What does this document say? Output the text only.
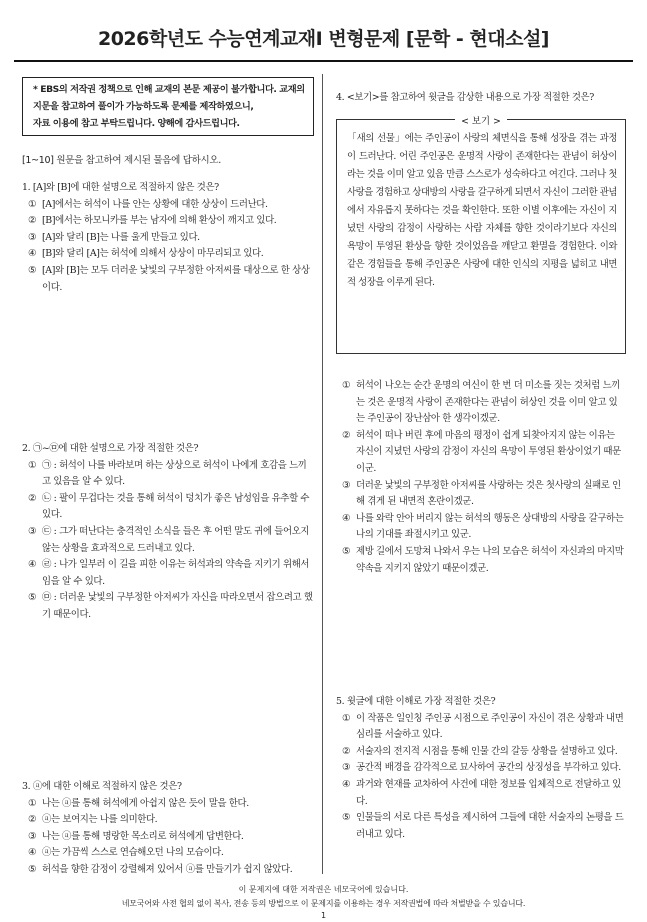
2026학년도 수능연계교재Ⅰ 변형문제 [문학 - 현대소설]
* EBS의 저작권 정책으로 인해 교재의 본문 제공이 불가합니다. 교재의
지문을 참고하여 풀이가 가능하도록 문제를 제작하였으니,
자료 이용에 참고 부탁드립니다. 양해에 감사드립니다.
[1~10] 원문을 참고하여 제시된 물음에 답하시오.
1. [A]와 [B]에 대한 설명으로 적절하지 않은 것은?
① [A]에서는 허석이 나를 안는 상황에 대한 상상이 드러난다.
② [B]에서는 하모니카를 부는 남자에 의해 환상이 깨지고 있다.
③ [A]와 달리 [B]는 나를 울게 만들고 있다.
④ [B]와 달리 [A]는 허석에 의해서 상상이 마무리되고 있다.
⑤ [A]와 [B]는 모두 더러운 낯빛의 구부정한 아저씨를 대상으로 한 상상이다.
2. ㉠~㉤에 대한 설명으로 가장 적절한 것은?
① ㉠ : 허석이 나를 바라보며 하는 상상으로 허석이 나에게 호감을 느끼고 있음을 알 수 있다.
② ㉡ : 팔이 무겁다는 것을 통해 허석이 덩치가 좋은 남성임을 유추할 수 있다.
③ ㉢ : 그가 떠난다는 충격적인 소식을 들은 후 어떤 말도 귀에 들어오지 않는 상황을 효과적으로 드러내고 있다.
④ ㉣ : 나가 일부러 이 길을 피한 이유는 허석과의 약속을 지키기 위해서임을 알 수 있다.
⑤ ㉤ : 더러운 낯빛의 구부정한 아저씨가 자신을 따라오면서 잡으려고 했기 때문이다.
3. ⓐ에 대한 이해로 적절하지 않은 것은?
① 나는 ⓐ를 통해 허석에게 아쉽지 않은 듯이 말을 한다.
② ⓐ는 보여지는 나를 의미한다.
③ 나는 ⓐ를 통해 명랑한 목소리로 허석에게 답변한다.
④ ⓐ는 가끔씩 스스로 연습해오던 나의 모습이다.
⑤ 허석을 향한 감정이 강렬해져 있어서 ⓐ를 만들기가 쉽지 않았다.
4. <보기>를 참고하여 윗글을 감상한 내용으로 가장 적절한 것은?
< 보기 >
「새의 선물」에는 주인공이 사랑의 체면식을 통해 성장을 겪는 과정이 드러난다. 어린 주인공은 운명적 사랑이 존재한다는 관념이 허상이라는 것을 이미 알고 있음 만큼 스스로가 성숙하다고 여긴다. 그러나 첫사랑을 경험하고 상대방의 사랑을 갈구하게 되면서 자신이 그러한 관념에서 자유롭지 못하다는 것을 확인한다. 또한 이별 이후에는 자신이 지녔던 사랑의 감정이 사랑하는 사람 자체를 향한 것이라기보다 자신의 욕망이 투영된 환상을 향한 것이었음을 깨닫고 환멸을 경험한다. 이와 같은 경험들을 통해 주인공은 사랑에 대한 인식의 지평을 넓히고 내면적 성장을 이루게 된다.
① 허석이 나오는 순간 운명의 여신이 한 번 더 미소를 짓는 것처럼 느끼는 것은 운명적 사랑이 존재한다는 관념이 허상인 것을 이미 알고 있는 주인공이 장난삼아 한 생각이겠군.
② 허석이 떠나 버린 후에 마음의 평정이 쉽게 되찾아지지 않는 이유는 자신이 지녔던 사랑의 감정이 자신의 욕망이 투영된 환상이었기 때문이군.
③ 더러운 낯빛의 구부정한 아저씨를 사랑하는 것은 첫사랑의 실패로 인해 겪게 된 내면적 혼란이겠군.
④ 나를 와락 안아 버리지 않는 허석의 행동은 상대방의 사랑을 갈구하는 나의 기대를 좌절시키고 있군.
⑤ 제방 길에서 도망쳐 나와서 우는 나의 모습은 허석이 자신과의 마지막 약속을 지키지 않았기 때문이겠군.
5. 윗글에 대한 이해로 가장 적절한 것은?
① 이 작품은 일인칭 주인공 시점으로 주인공이 자신이 겪은 상황과 내면 심리를 서술하고 있다.
② 서술자의 전지적 시점을 통해 인물 간의 갈등 상황을 설명하고 있다.
③ 공간적 배경을 감각적으로 묘사하여 공간의 상징성을 부각하고 있다.
④ 과거와 현재를 교차하여 사건에 대한 정보를 입체적으로 전달하고 있다.
⑤ 인물들의 서로 다른 특성을 제시하여 그들에 대한 서술자의 논평을 드러내고 있다.
이 문제지에 대한 저작권은 네모국어에 있습니다.
네모국어와 사전 협의 없이 복사, 전송 등의 방법으로 이 문제지를 이용하는 경우 저작권법에 따라 처벌받을 수 있습니다.
1
